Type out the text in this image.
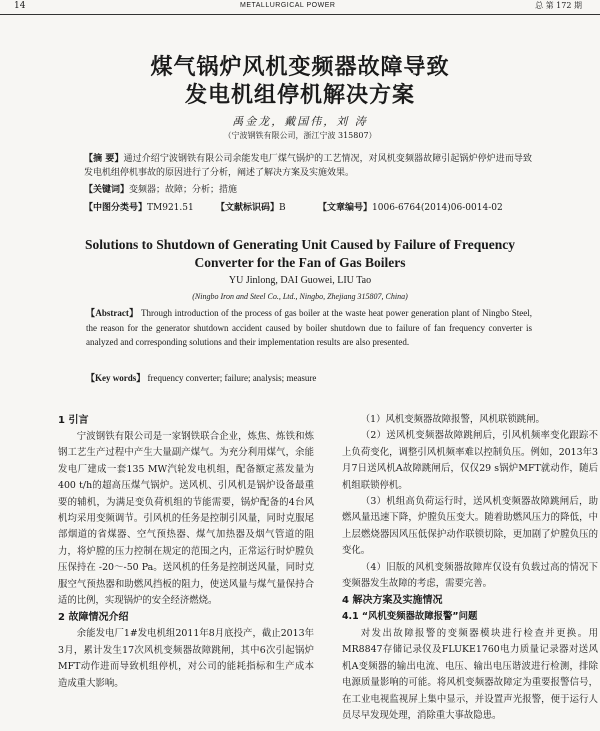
14	METALLURGICAL POWER	总 第 172 期
煤气锅炉风机变频器故障导致
发电机组停机解决方案
禹金龙，戴国伟，刘 涛
（宁波钢铁有限公司，浙江宁波 315807）
【摘 要】通过介绍宁波钢铁有限公司余能发电厂煤气锅炉的工艺情况，对风机变频器故障引起锅炉停炉进而导致发电机组停机事故的原因进行了分析，阐述了解决方案及实施效果。
【关键词】变频器；故障；分析；措施
【中图分类号】TM921.51 【文献标识码】B	【文章编号】1006-6764(2014)06-0014-02
Solutions to Shutdown of Generating Unit Caused by Failure of Frequency
Converter for the Fan of Gas Boilers
YU Jinlong, DAI Guowei, LIU Tao
(Ningbo Iron and Steel Co., Ltd., Ningbo, Zhejiang 315807, China)
【Abstract】 Through introduction of the process of gas boiler at the waste heat power generation plant of Ningbo Steel, the reason for the generator shutdown accident caused by boiler shutdown due to failure of fan frequency converter is analyzed and corresponding solutions and their implementation results are also presented.
【Key words】 frequency converter; failure; analysis; measure
1 引言

宁波钢铁有限公司是一家钢铁联合企业，炼焦、炼铁和炼钢工艺生产过程中产生大量副产煤气。为充分利用煤气，余能发电厂建成一套135 MW汽轮发电机组，配备额定蒸发量为400 t/h的超高压煤气锅炉。送风机、引风机是锅炉设备最重要的辅机，为满足变负荷机组的节能需要，锅炉配备的4台风机均采用变频调节。引风机的任务是控制引风量，同时克服尾部烟道的省煤器、空气预热器、煤气加热器及烟气管道的阻力，将炉膛的压力控制在规定的范围之内，正常运行时炉膛负压保持在 -20～-50 Pa。送风机的任务是控制送风量，同时克服空气预热器和助燃风挡板的阻力，使送风量与煤气量保持合适的比例，实现锅炉的安全经济燃烧。

2 故障情况介绍

余能发电厂1#发电机组2011年8月底投产，截止2013年3月，累计发生17次风机变频器故障跳闸，其中6次引起锅炉MFT动作进而导致机组停机，对公司的能耗指标和生产成本造成重大影响。

（1）风机变频器故障报警，风机联锁跳闸。

（2）送风机变频器故障跳闸后，引风机频率变化跟踪不上负荷变化，调整引风机频率难以控制负压。例如，2013年3月7日送风机A故障跳闸后，仅仅29 s锅炉MFT就动作，随后机组联锁停机。

（3）机组高负荷运行时，送风机变频器故障跳闸后，助燃风量迅速下降，炉膛负压变大。随着助燃风压力的降低，中上层燃烧器因风压低保护动作联锁切除，更加剧了炉膛负压的变化。

（4）旧版的风机变频器故障库仅设有负载过高的情况下变频器发生故障的考虑，需要完善。

4 解决方案及实施情况
4.1 “风机变频器故障报警”问题

对发出故障报警的变频器模块进行检查并更换。用MR8847存储记录仪及FLUKE1760电力质量记录器对送风机A变频器的输出电流、电压、输出电压谐波进行检测，排除电源质量影响的可能。将风机变频器故障定为重要报警信号，在工业电视监视屏上集中显示，并设置声光报警，便于运行人员尽早发现处理，消除重大事故隐患。
